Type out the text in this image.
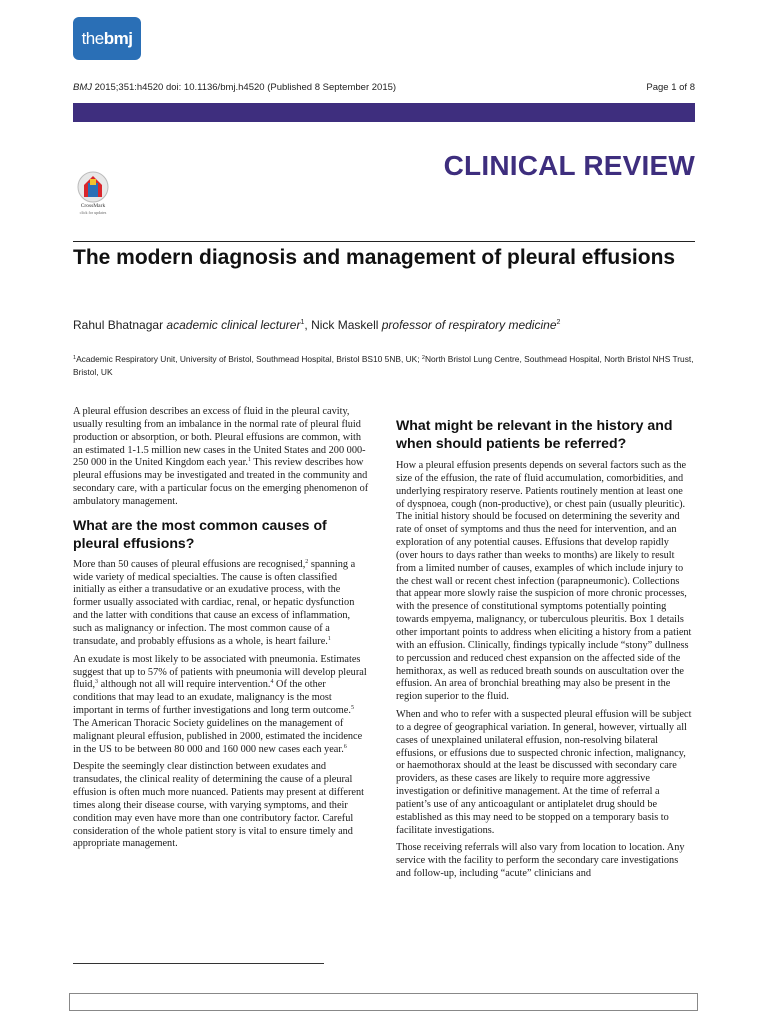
the bmj
BMJ 2015;351:h4520 doi: 10.1136/bmj.h4520 (Published 8 September 2015)	Page 1 of 8
CLINICAL REVIEW
CrossMark
click for updates
The modern diagnosis and management of pleural effusions
Rahul Bhatnagar academic clinical lecturer$^1$, Nick Maskell professor of respiratory medicine$^2$
$^1$Academic Respiratory Unit, University of Bristol, Southmead Hospital, Bristol BS10 5NB, UK; $^2$North Bristol Lung Centre, Southmead Hospital, North Bristol NHS Trust, Bristol, UK

A pleural effusion describes an excess of fluid in the pleural cavity, usually resulting from an imbalance in the normal rate of pleural fluid production or absorption, or both. Pleural effusions are common, with an estimated 1-1.5 million new cases in the United States and 200 000-250 000 in the United Kingdom each year.$^1$ This review describes how pleural effusions may be investigated and treated in the community and secondary care, with a particular focus on the emerging phenomenon of ambulatory management.

What are the most common causes of pleural effusions?

More than 50 causes of pleural effusions are recognised,$^2$ spanning a wide variety of medical specialties. The cause is often classified initially as either a transudative or an exudative process, with the former usually associated with cardiac, renal, or hepatic dysfunction and the latter with conditions that cause an excess of inflammation, such as malignancy or infection. The most common cause of a transudate, and probably effusions as a whole, is heart failure.$^1$

An exudate is most likely to be associated with pneumonia. Estimates suggest that up to 57% of patients with pneumonia will develop pleural fluid,$^3$ although not all will require intervention.$^4$ Of the other conditions that may lead to an exudate, malignancy is the most important in terms of further investigations and long term outcome.$^5$ The American Thoracic Society guidelines on the management of malignant pleural effusion, published in 2000, estimated the incidence in the US to be between 80 000 and 160 000 new cases each year.$^6$

Despite the seemingly clear distinction between exudates and transudates, the clinical reality of determining the cause of a pleural effusion is often much more nuanced. Patients may present at different times along their disease course, with varying symptoms, and their condition may even have more than one contributory factor. Careful consideration of the whole patient story is vital to ensure timely and appropriate management.

What might be relevant in the history and when should patients be referred?

How a pleural effusion presents depends on several factors such as the size of the effusion, the rate of fluid accumulation, comorbidities, and underlying respiratory reserve. Patients routinely mention at least one of dyspnoea, cough (non-productive), or chest pain (usually pleuritic). The initial history should be focused on determining the severity and rate of onset of symptoms and thus the need for intervention, and an exploration of any potential causes. Effusions that develop rapidly (over hours to days rather than weeks to months) are likely to result from a limited number of causes, examples of which include injury to the chest wall or recent chest infection (parapneumonic). Collections that appear more slowly raise the suspicion of more chronic processes, with the presence of constitutional symptoms potentially pointing towards empyema, malignancy, or tuberculous pleuritis. Box 1 details other important points to address when eliciting a history from a patient with an effusion. Clinically, findings typically include “stony” dullness to percussion and reduced chest expansion on the affected side of the hemithorax, as well as reduced breath sounds on auscultation over the effusion. An area of bronchial breathing may also be present in the region superior to the fluid.

When and who to refer with a suspected pleural effusion will be subject to a degree of geographical variation. In general, however, virtually all cases of unexplained unilateral effusion, non-resolving bilateral effusions, or effusions due to suspected chronic infection, malignancy, or haemothorax should at the least be discussed with secondary care providers, as these cases are likely to require more aggressive investigation or definitive management. At the time of referral a patient’s use of any anticoagulant or antiplatelet drug should be established as this may need to be stopped on a temporary basis to facilitate investigations.

Those receiving referrals will also vary from location to location. Any service with the facility to perform the secondary care investigations and follow-up, including “acute” clinicians and
